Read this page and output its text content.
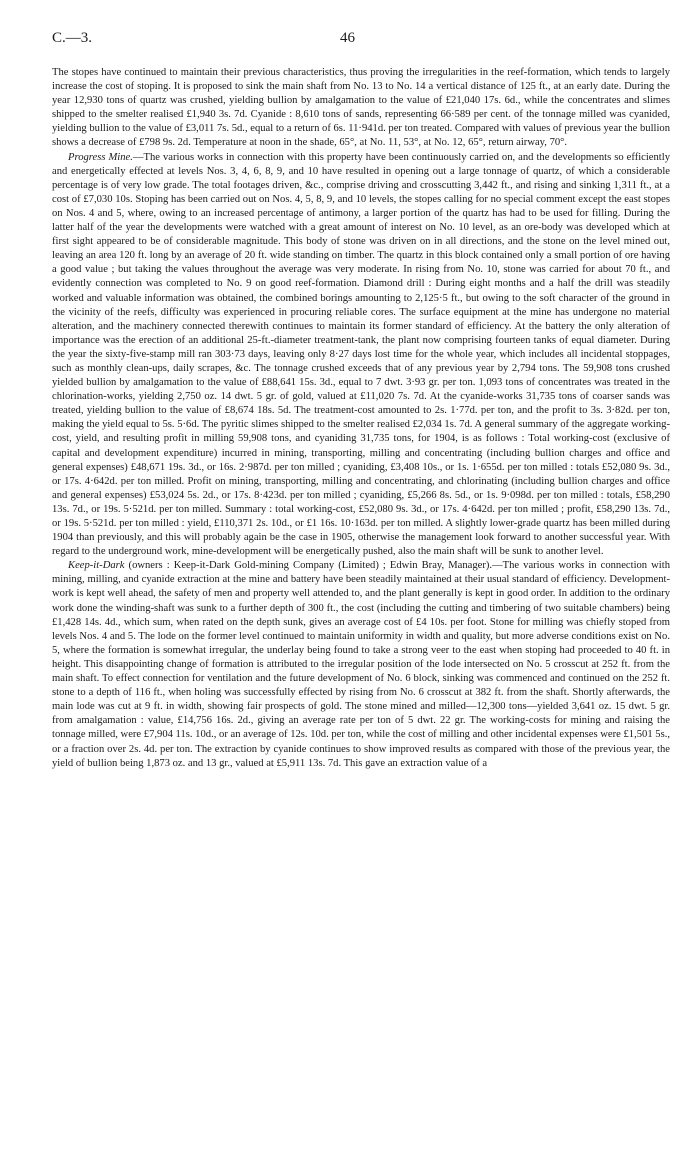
C.—3.	46

The stopes have continued to maintain their previous characteristics, thus proving the irregularities in the reef-formation, which tends to largely increase the cost of stoping. It is proposed to sink the main shaft from No. 13 to No. 14 a vertical distance of 125 ft., at an early date. During the year 12,930 tons of quartz was crushed, yielding bullion by amalgamation to the value of £21,040 17s. 6d., while the concentrates and slimes shipped to the smelter realised £1,940 3s. 7d. Cyanide : 8,610 tons of sands, representing 66·589 per cent. of the tonnage milled was cyanided, yielding bullion to the value of £3,011 7s. 5d., equal to a return of 6s. 11·941d. per ton treated. Compared with values of previous year the bullion shows a decrease of £798 9s. 2d. Temperature at noon in the shade, 65°, at No. 11, 53°, at No. 12, 65°, return airway, 70°.

Progress Mine.—The various works in connection with this property have been continuously carried on, and the developments so efficiently and energetically effected at levels Nos. 3, 4, 6, 8, 9, and 10 have resulted in opening out a large tonnage of quartz, of which a considerable percentage is of very low grade. The total footages driven, &c., comprise driving and crosscutting 3,442 ft., and rising and sinking 1,311 ft., at a cost of £7,030 10s. Stoping has been carried out on Nos. 4, 5, 8, 9, and 10 levels, the stopes calling for no special comment except the east stopes on Nos. 4 and 5, where, owing to an increased percentage of antimony, a larger portion of the quartz has had to be used for filling. During the latter half of the year the developments were watched with a great amount of interest on No. 10 level, as an ore-body was developed which at first sight appeared to be of considerable magnitude. This body of stone was driven on in all directions, and the stone on the level mined out, leaving an area 120 ft. long by an average of 20 ft. wide standing on timber. The quartz in this block contained only a small portion of ore having a good value ; but taking the values throughout the average was very moderate. In rising from No. 10, stone was carried for about 70 ft., and evidently connection was completed to No. 9 on good reef-formation. Diamond drill : During eight months and a half the drill was steadily worked and valuable information was obtained, the combined borings amounting to 2,125·5 ft., but owing to the soft character of the ground in the vicinity of the reefs, difficulty was experienced in procuring reliable cores. The surface equipment at the mine has undergone no material alteration, and the machinery connected therewith continues to maintain its former standard of efficiency. At the battery the only alteration of importance was the erection of an additional 25-ft.-diameter treatment-tank, the plant now comprising fourteen tanks of equal diameter. During the year the sixty-five-stamp mill ran 303·73 days, leaving only 8·27 days lost time for the whole year, which includes all incidental stoppages, such as monthly clean-ups, daily scrapes, &c. The tonnage crushed exceeds that of any previous year by 2,794 tons. The 59,908 tons crushed yielded bullion by amalgamation to the value of £88,641 15s. 3d., equal to 7 dwt. 3·93 gr. per ton. 1,093 tons of concentrates was treated in the chlorination-works, yielding 2,750 oz. 14 dwt. 5 gr. of gold, valued at £11,020 7s. 7d. At the cyanide-works 31,735 tons of coarser sands was treated, yielding bullion to the value of £8,674 18s. 5d. The treatment-cost amounted to 2s. 1·77d. per ton, and the profit to 3s. 3·82d. per ton, making the yield equal to 5s. 5·6d. The pyritic slimes shipped to the smelter realised £2,034 1s. 7d. A general summary of the aggregate working-cost, yield, and resulting profit in milling 59,908 tons, and cyaniding 31,735 tons, for 1904, is as follows : Total working-cost (exclusive of capital and development expenditure) incurred in mining, transporting, milling and concentrating (including bullion charges and office and general expenses) £48,671 19s. 3d., or 16s. 2·987d. per ton milled ; cyaniding, £3,408 10s., or 1s. 1·655d. per ton milled : totals £52,080 9s. 3d., or 17s. 4·642d. per ton milled. Profit on mining, transporting, milling and concentrating, and chlorinating (including bullion charges and office and general expenses) £53,024 5s. 2d., or 17s. 8·423d. per ton milled ; cyaniding, £5,266 8s. 5d., or 1s. 9·098d. per ton milled : totals, £58,290 13s. 7d., or 19s. 5·521d. per ton milled. Summary : total working-cost, £52,080 9s. 3d., or 17s. 4·642d. per ton milled ; profit, £58,290 13s. 7d., or 19s. 5·521d. per ton milled : yield, £110,371 2s. 10d., or £1 16s. 10·163d. per ton milled. A slightly lower-grade quartz has been milled during 1904 than previously, and this will probably again be the case in 1905, otherwise the management look forward to another successful year. With regard to the underground work, mine-development will be energetically pushed, also the main shaft will be sunk to another level.

Keep-it-Dark (owners : Keep-it-Dark Gold-mining Company (Limited) ; Edwin Bray, Manager).—The various works in connection with mining, milling, and cyanide extraction at the mine and battery have been steadily maintained at their usual standard of efficiency. Development-work is kept well ahead, the safety of men and property well attended to, and the plant generally is kept in good order. In addition to the ordinary work done the winding-shaft was sunk to a further depth of 300 ft., the cost (including the cutting and timbering of two suitable chambers) being £1,428 14s. 4d., which sum, when rated on the depth sunk, gives an average cost of £4 10s. per foot. Stone for milling was chiefly stoped from levels Nos. 4 and 5. The lode on the former level continued to maintain uniformity in width and quality, but more adverse conditions exist on No. 5, where the formation is somewhat irregular, the underlay being found to take a strong veer to the east when stoping had proceeded to 40 ft. in height. This disappointing change of formation is attributed to the irregular position of the lode intersected on No. 5 crosscut at 252 ft. from the main shaft. To effect connection for ventilation and the future development of No. 6 block, sinking was commenced and continued on the 252 ft. stone to a depth of 116 ft., when holing was successfully effected by rising from No. 6 crosscut at 382 ft. from the shaft. Shortly afterwards, the main lode was cut at 9 ft. in width, showing fair prospects of gold. The stone mined and milled—12,300 tons—yielded 3,641 oz. 15 dwt. 5 gr. from amalgamation : value, £14,756 16s. 2d., giving an average rate per ton of 5 dwt. 22 gr. The working-costs for mining and raising the tonnage milled, were £7,904 11s. 10d., or an average of 12s. 10d. per ton, while the cost of milling and other incidental expenses were £1,501 5s., or a fraction over 2s. 4d. per ton. The extraction by cyanide continues to show improved results as compared with those of the previous year, the yield of bullion being 1,873 oz. and 13 gr., valued at £5,911 13s. 7d. This gave an extraction value of a
